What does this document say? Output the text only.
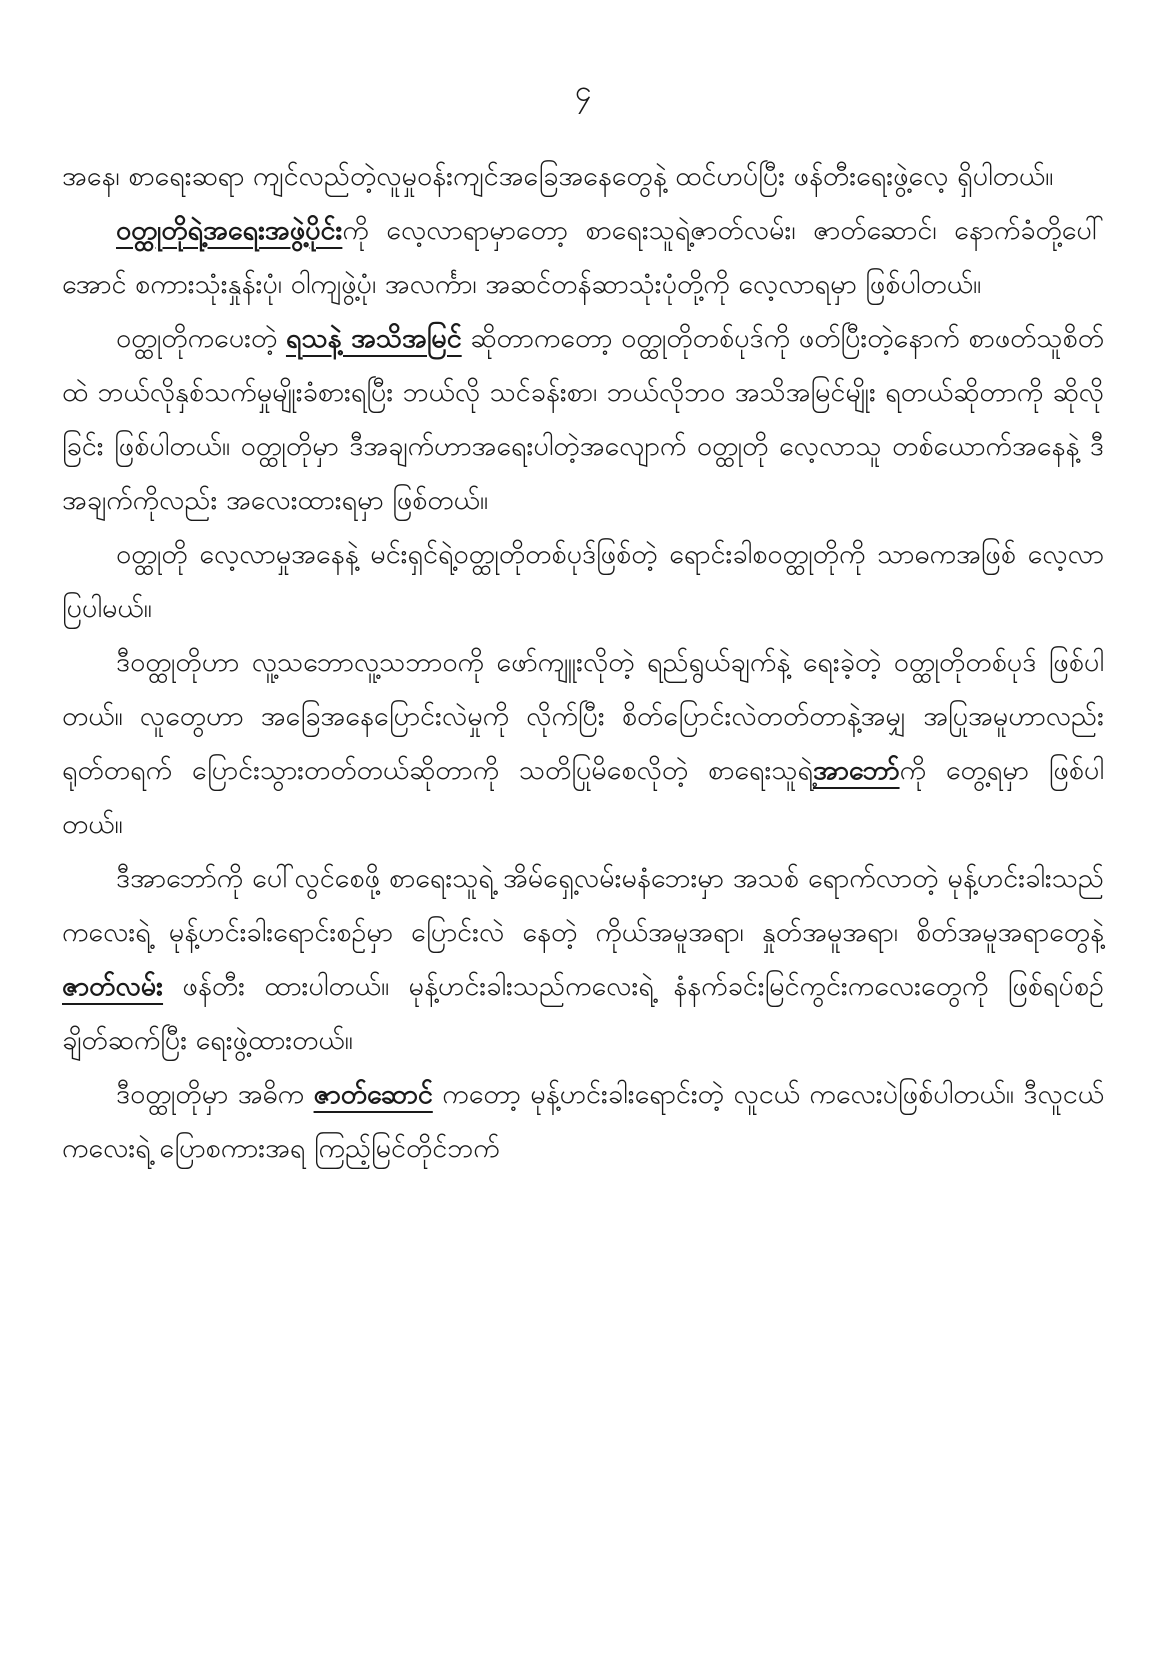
၄

အနေ၊ စာရေးဆရာ ကျင်လည်တဲ့လူမှုဝန်းကျင်အခြေအနေတွေနဲ့ ထင်ဟပ်ပြီး ဖန်တီးရေးဖွဲ့လေ့ ရှိပါတယ်။

ဝတ္ထုတိုရဲ့အရေးအဖွဲ့ပိုင်းကို လေ့လာရာမှာတော့ စာရေးသူရဲ့ဇာတ်လမ်း၊ ဇာတ်ဆောင်၊ နောက်ခံတို့ပေါ်အောင် စကားသုံးနှုန်းပုံ၊ ဝါကျဖွဲ့ပုံ၊ အလင်္ကာ၊ အဆင်တန်ဆာသုံးပုံတို့ကို လေ့လာရမှာ ဖြစ်ပါတယ်။

ဝတ္ထုတိုကပေးတဲ့ ရသနဲ့ အသိအမြင် ဆိုတာကတော့ ဝတ္ထုတိုတစ်ပုဒ်ကို ဖတ်ပြီးတဲ့နောက် စာဖတ်သူစိတ်ထဲ ဘယ်လိုနှစ်သက်မှုမျိုးခံစားရပြီး ဘယ်လို သင်ခန်းစာ၊ ဘယ်လိုဘဝ အသိအမြင်မျိုး ရတယ်ဆိုတာကို ဆိုလိုခြင်း ဖြစ်ပါတယ်။ ဝတ္ထုတိုမှာ ဒီအချက်ဟာအရေးပါတဲ့အလျောက် ဝတ္ထုတို လေ့လာသူ တစ်ယောက်အနေနဲ့ ဒီအချက်ကိုလည်း အလေးထားရမှာ ဖြစ်တယ်။

ဝတ္ထုတို လေ့လာမှုအနေနဲ့ မင်းရှင်ရဲ့ဝတ္ထုတိုတစ်ပုဒ်ဖြစ်တဲ့ ရောင်းခါစဝတ္ထုတိုကို သာဓကအဖြစ် လေ့လာပြပါမယ်။

ဒီဝတ္ထုတိုဟာ လူ့သဘောလူ့သဘာဝကို ဖော်ကျူးလိုတဲ့ ရည်ရွယ်ချက်နဲ့ ရေးခဲ့တဲ့ ဝတ္ထုတိုတစ်ပုဒ် ဖြစ်ပါတယ်။ လူတွေဟာ အခြေအနေပြောင်းလဲမှုကို လိုက်ပြီး စိတ်ပြောင်းလဲတတ်တာနဲ့အမျှ အပြုအမူဟာလည်း ရုတ်တရက် ပြောင်းသွားတတ်တယ်ဆိုတာကို သတိပြုမိစေလိုတဲ့ စာရေးသူရဲ့အာဘော်ကို တွေ့ရမှာ ဖြစ်ပါတယ်။

ဒီအာဘော်ကို ပေါ်လွင်စေဖို့ စာရေးသူရဲ့ အိမ်ရှေ့လမ်းမနံဘေးမှာ အသစ် ရောက်လာတဲ့ မုန့်ဟင်းခါးသည်ကလေးရဲ့ မုန့်ဟင်းခါးရောင်းစဉ်မှာ ပြောင်းလဲ နေတဲ့ ကိုယ်အမူအရာ၊ နှုတ်အမူအရာ၊ စိတ်အမူအရာတွေနဲ့ ဇာတ်လမ်း ဖန်တီး ထားပါတယ်။ မုန့်ဟင်းခါးသည်ကလေးရဲ့ နံနက်ခင်းမြင်ကွင်းကလေးတွေကို ဖြစ်ရပ်စဉ်ချိတ်ဆက်ပြီး ရေးဖွဲ့ထားတယ်။

ဒီဝတ္ထုတိုမှာ အဓိက ဇာတ်ဆောင် ကတော့ မုန့်ဟင်းခါးရောင်းတဲ့ လူငယ် ကလေးပဲဖြစ်ပါတယ်။ ဒီလူငယ်ကလေးရဲ့ ပြောစကားအရ ကြည့်မြင်တိုင်ဘက်
